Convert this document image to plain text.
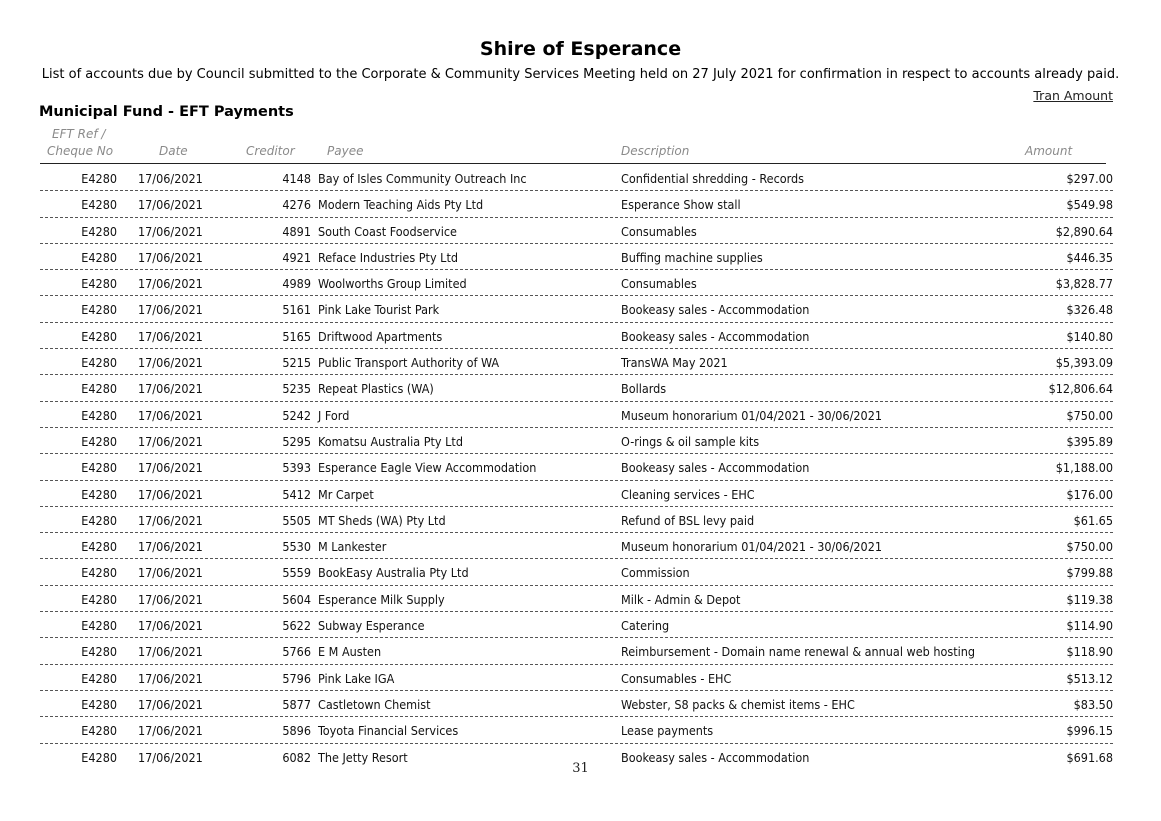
Shire of Esperance
List of accounts due by Council submitted to the Corporate & Community Services Meeting held on 27 July 2021 for confirmation in respect to accounts already paid.
Tran Amount
Municipal Fund - EFT Payments
EFT Ref /
Cheque No	Date	Creditor	Payee	Description	Amount
E4280 17/06/2021	4148 Bay of Isles Community Outreach Inc	Confidential shredding - Records	$297.00
E4280 17/06/2021	4276 Modern Teaching Aids Pty Ltd	Esperance Show stall	$549.98
E4280 17/06/2021	4891 South Coast Foodservice	Consumables	$2,890.64
E4280 17/06/2021	4921 Reface Industries Pty Ltd	Buffing machine supplies	$446.35
E4280 17/06/2021	4989 Woolworths Group Limited	Consumables	$3,828.77
E4280 17/06/2021	5161 Pink Lake Tourist Park	Bookeasy sales - Accommodation	$326.48
E4280 17/06/2021	5165 Driftwood Apartments	Bookeasy sales - Accommodation	$140.80
E4280 17/06/2021	5215 Public Transport Authority of WA	TransWA May 2021	$5,393.09
E4280 17/06/2021	5235 Repeat Plastics (WA)	Bollards	$12,806.64
E4280 17/06/2021	5242 J Ford	Museum honorarium 01/04/2021 - 30/06/2021	$750.00
E4280 17/06/2021	5295 Komatsu Australia Pty Ltd	O-rings & oil sample kits	$395.89
E4280 17/06/2021	5393 Esperance Eagle View Accommodation	Bookeasy sales - Accommodation	$1,188.00
E4280 17/06/2021	5412 Mr Carpet	Cleaning services - EHC	$176.00
E4280 17/06/2021	5505 MT Sheds (WA) Pty Ltd	Refund of BSL levy paid	$61.65
E4280 17/06/2021	5530 M Lankester	Museum honorarium 01/04/2021 - 30/06/2021	$750.00
E4280 17/06/2021	5559 BookEasy Australia Pty Ltd	Commission	$799.88
E4280 17/06/2021	5604 Esperance Milk Supply	Milk - Admin & Depot	$119.38
E4280 17/06/2021	5622 Subway Esperance	Catering	$114.90
E4280 17/06/2021	5766 E M Austen	Reimbursement - Domain name renewal & annual web hosting	$118.90
E4280 17/06/2021	5796 Pink Lake IGA	Consumables - EHC	$513.12
E4280 17/06/2021	5877 Castletown Chemist	Webster, S8 packs & chemist items - EHC	$83.50
E4280 17/06/2021	5896 Toyota Financial Services	Lease payments	$996.15
E4280 17/06/2021	6082 The Jetty Resort	Bookeasy sales - Accommodation	$691.68
31
